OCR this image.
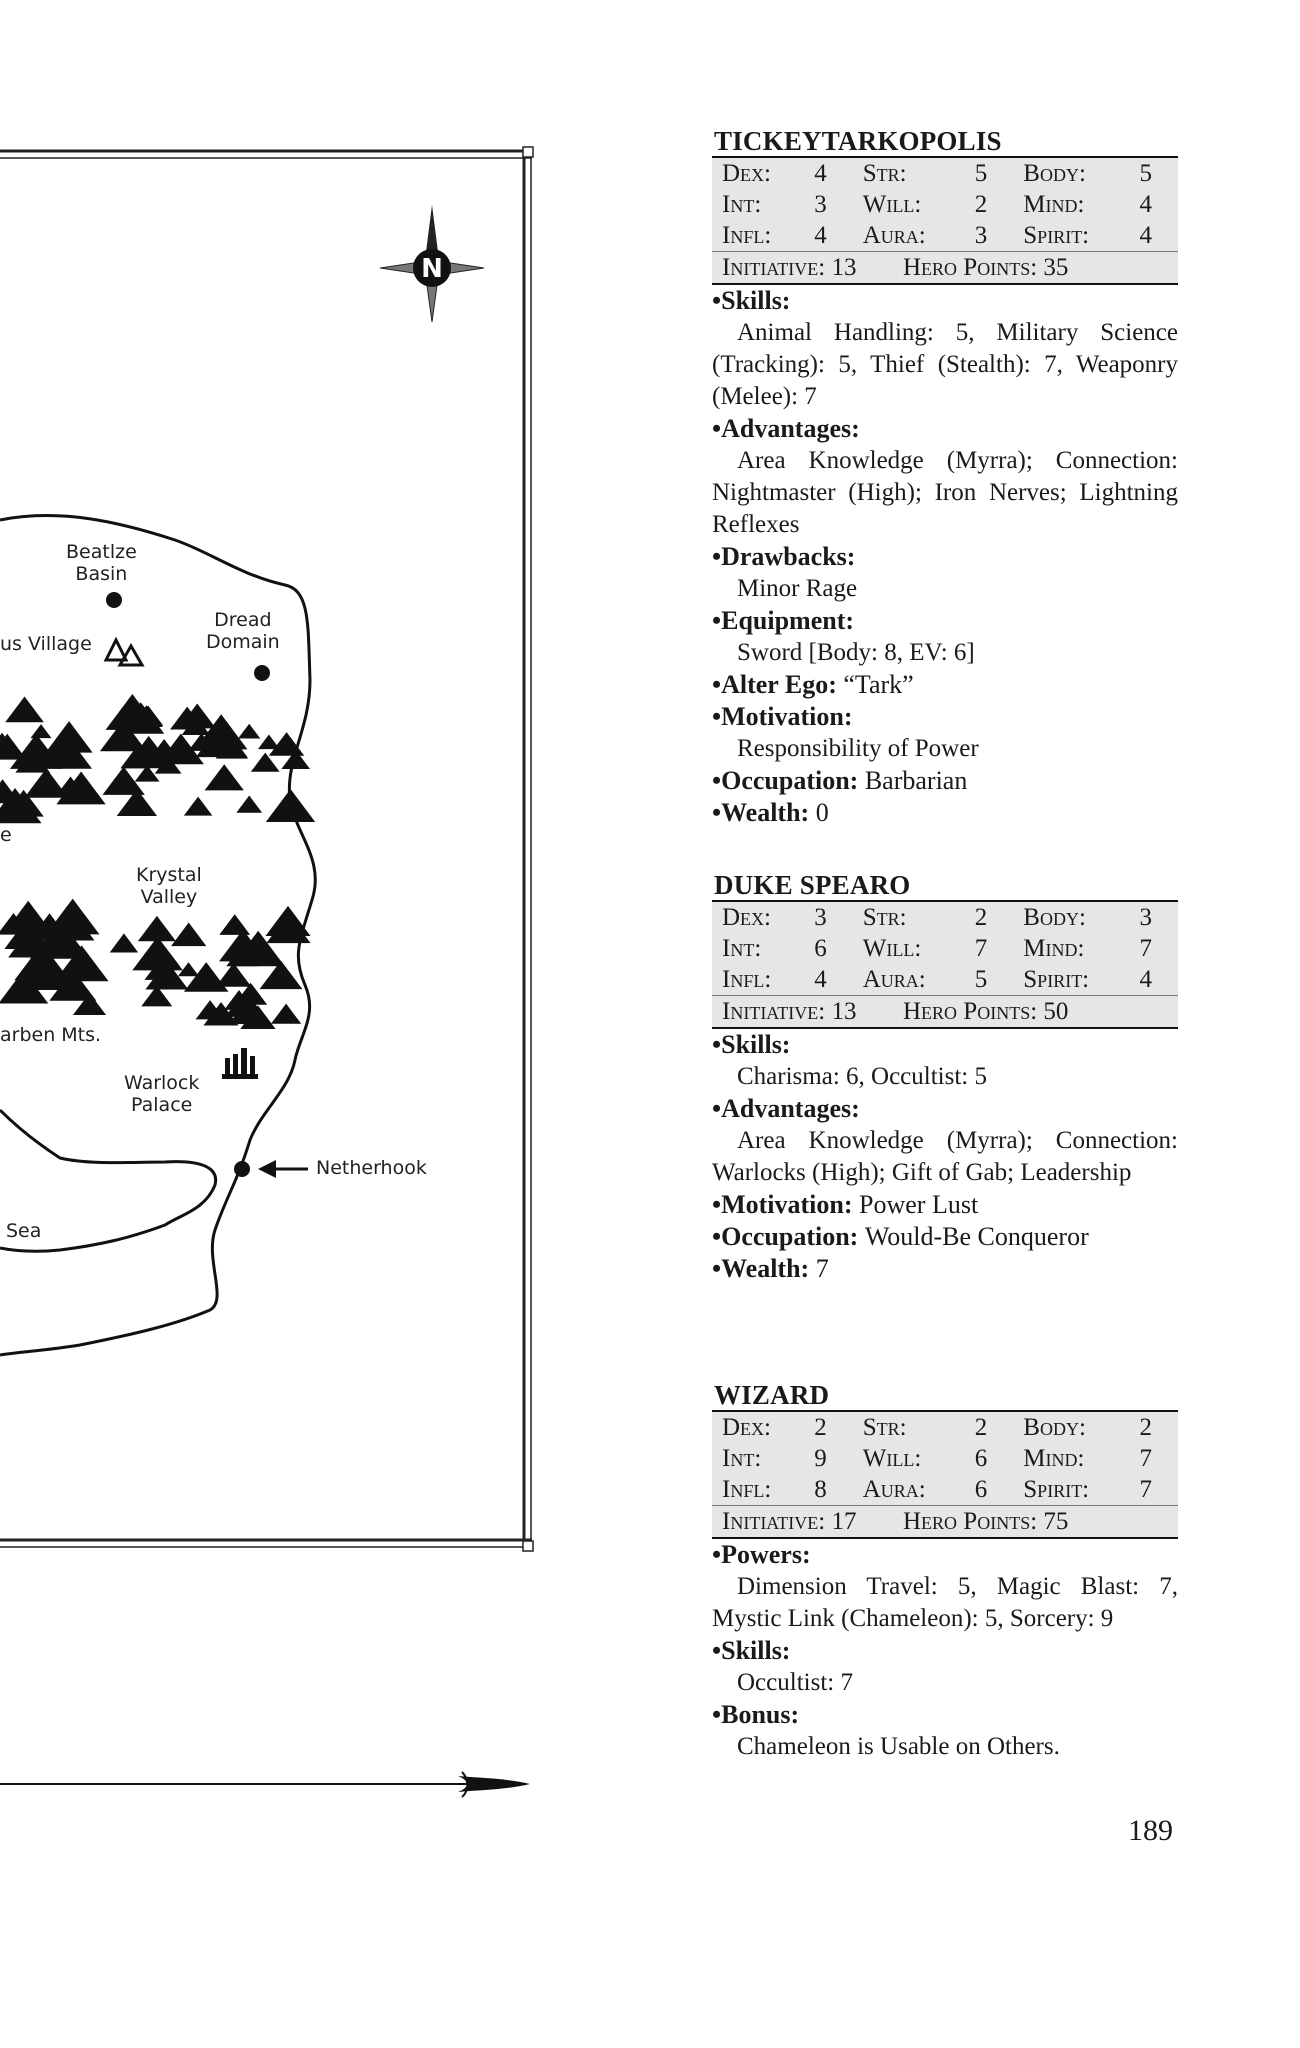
N
Beatlze
Basin
Dread
Domain
us Village
e
Krystal
Valley
arben Mts.
Warlock
Palace
Netherhook
Sea
TICKEYTARKOPOLIS
Dex:	4	Str:	5	Body:	5
Int:	3	Will:	2	Mind:	4
Infl:	4	Aura:	3	Spirit:	4
Initiative: 13 Hero Points: 35					
•Skills:
Animal Handling: 5, Military Science (Tracking): 5, Thief (Stealth): 7, Weaponry (Melee): 7
•Advantages:
Area Knowledge (Myrra); Connection: Nightmaster (High); Iron Nerves; Lightning Reflexes
•Drawbacks:
Minor Rage
•Equipment:
Sword [Body: 8, EV: 6]
•Alter Ego: “Tark”
•Motivation:
Responsibility of Power
•Occupation: Barbarian
•Wealth: 0
DUKE SPEARO
Dex:	3	Str:	2	Body:	3
Int:	6	Will:	7	Mind:	7
Infl:	4	Aura:	5	Spirit:	4
Initiative: 13 Hero Points: 50					
•Skills:
Charisma: 6, Occultist: 5
•Advantages:
Area Knowledge (Myrra); Connection: Warlocks (High); Gift of Gab; Leadership
•Motivation: Power Lust
•Occupation: Would-Be Conqueror
•Wealth: 7
WIZARD
Dex:	2	Str:	2	Body:	2
Int:	9	Will:	6	Mind:	7
Infl:	8	Aura:	6	Spirit:	7
Initiative: 17 Hero Points: 75					
•Powers:
Dimension Travel: 5, Magic Blast: 7, Mystic Link (Chameleon): 5, Sorcery: 9
•Skills:
Occultist: 7
•Bonus:
Chameleon is Usable on Others.
189
